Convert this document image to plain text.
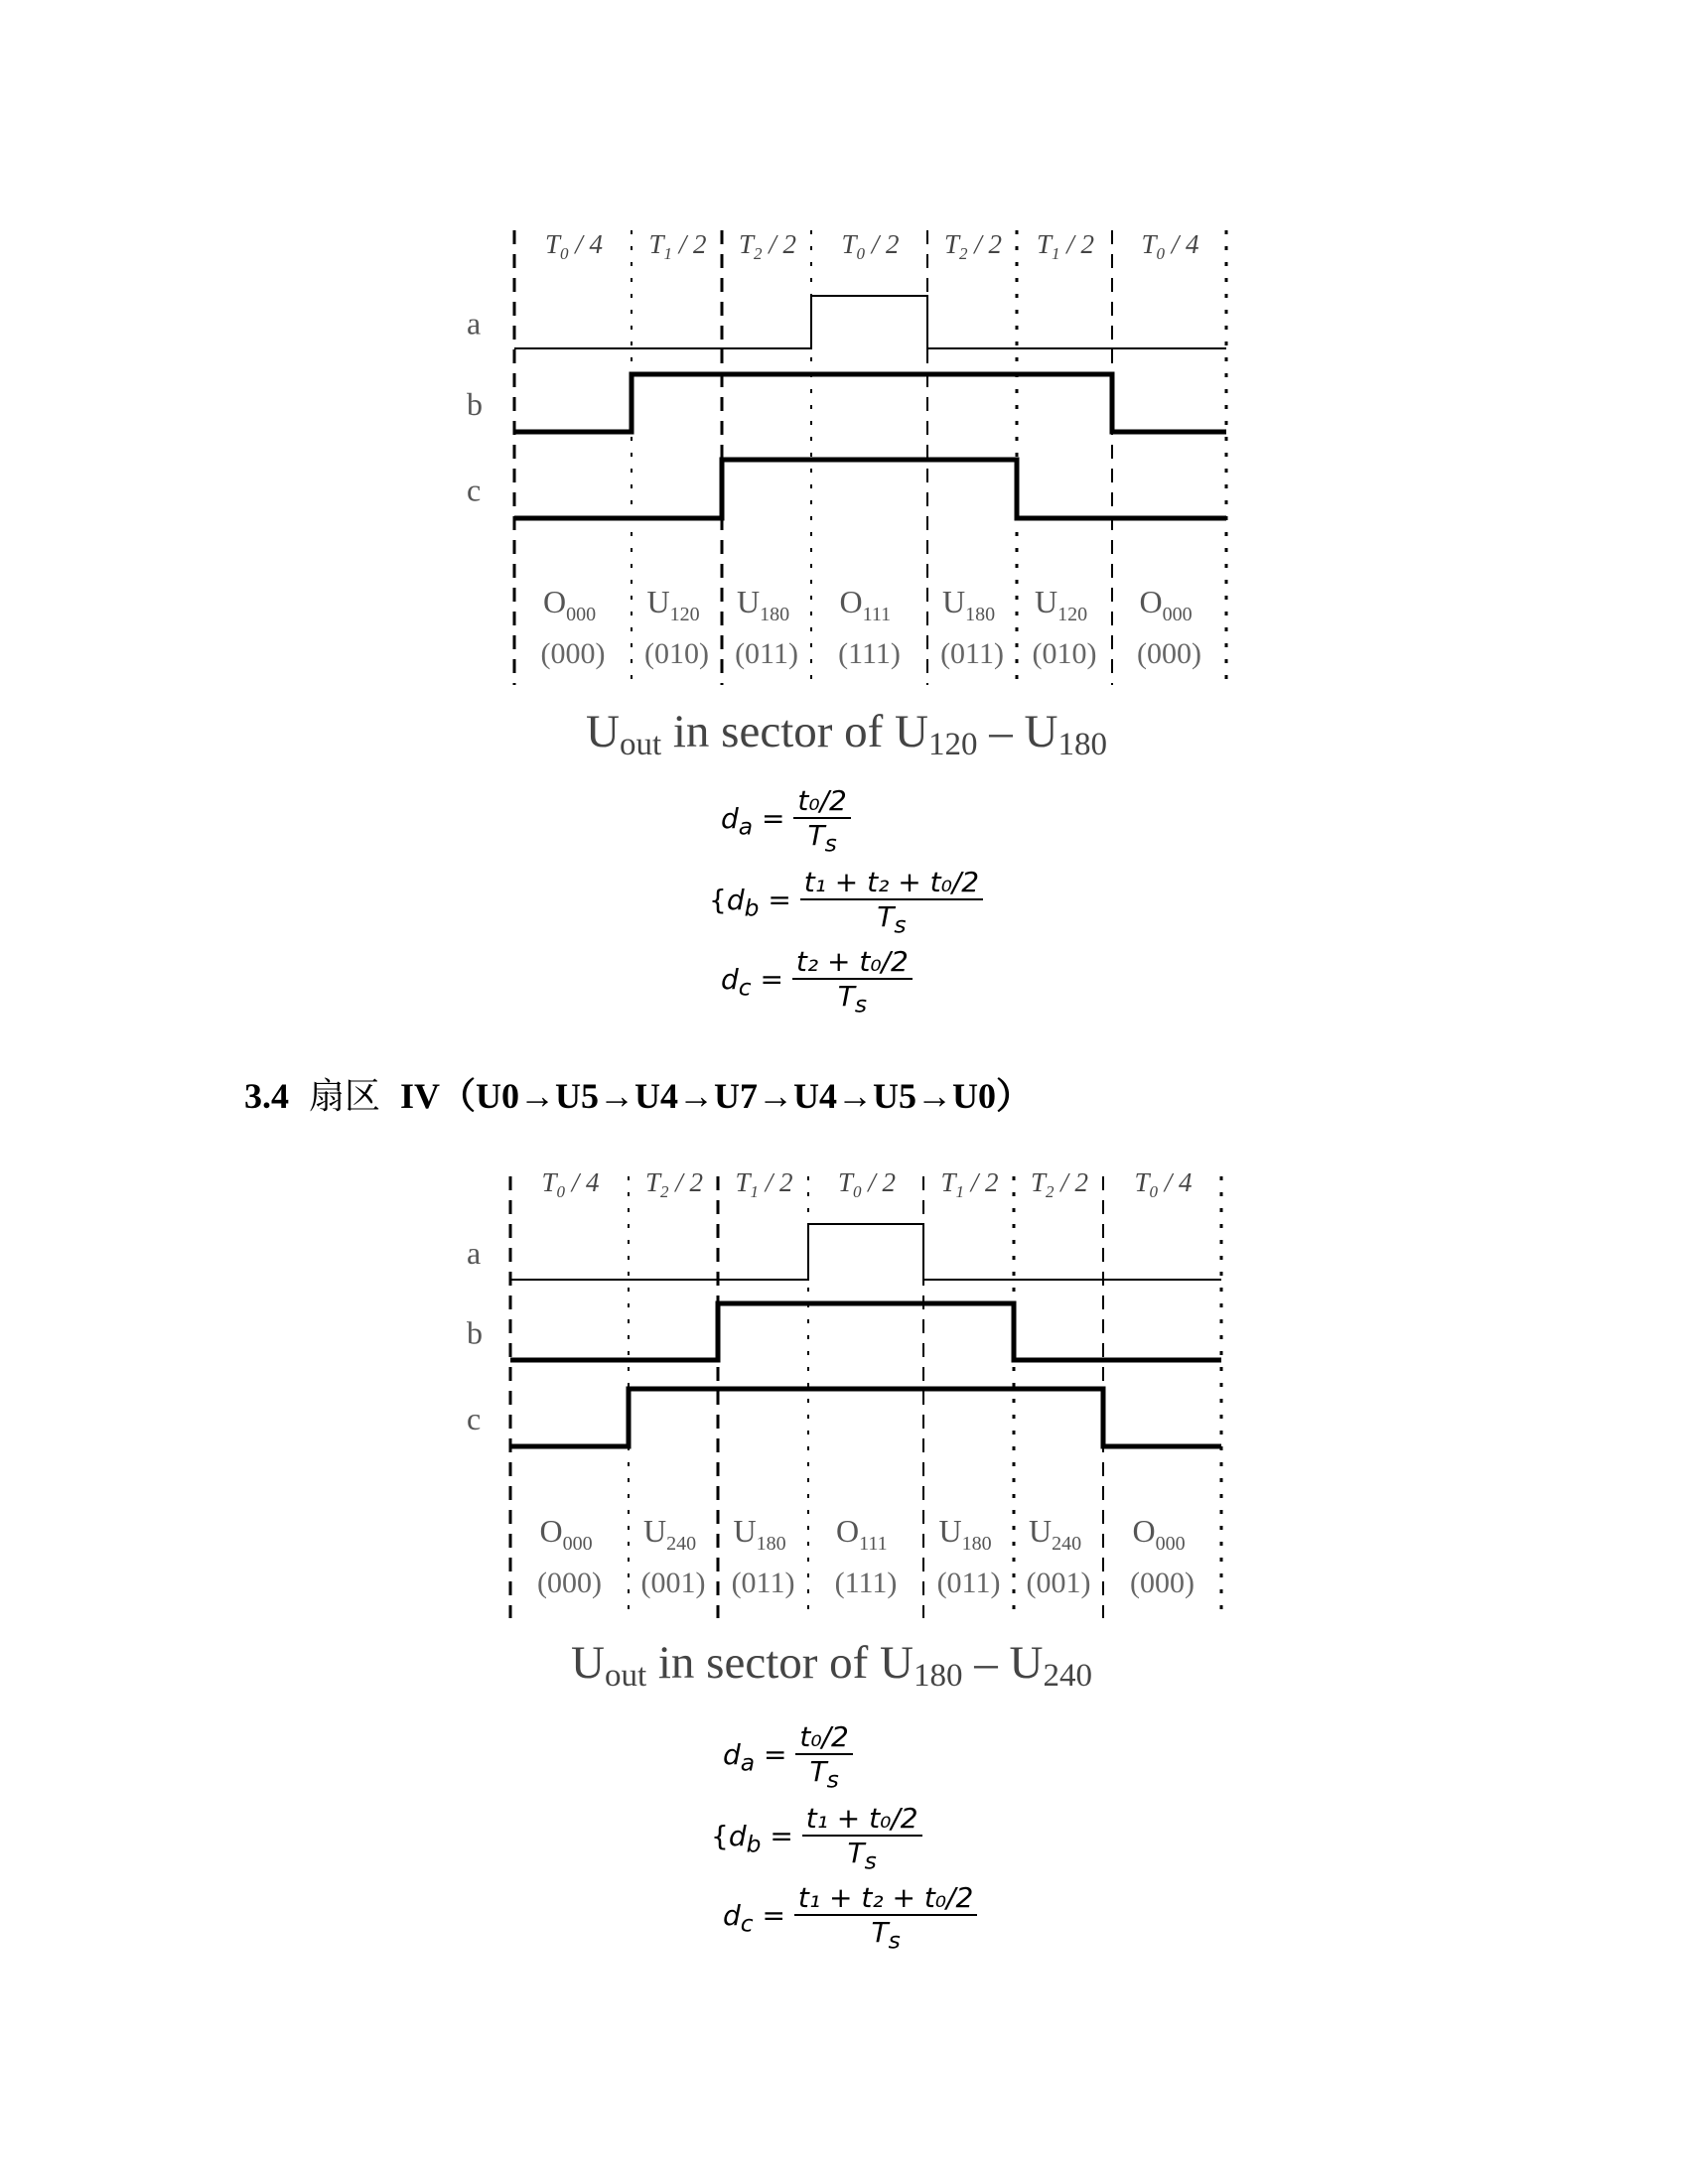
$T_0 / 4$ $T_1 / 2$ $T_2 / 2$ $T_0 / 2$ $T_2 / 2$ $T_1 / 2$ $T_0 / 4$
a
b
c
$O_{000}$ $U_{120}$ $U_{180}$ $O_{111}$ $U_{180}$ $U_{120}$ $O_{000}$
(000) (010) (011) (111) (011) (010) (000)
Uout in sector of U120 – U180
$d_a = \frac{\text{t₀/2}}{T_s}$
{$d_b = \frac{\text{t₁ + t₂ + t₀/2}}{T_s}$
$d_c = \frac{\text{t₂ + t₀/2}}{T_s}$
3.4 扇区 IV（U0→U5→U4→U7→U4→U5→U0）
$T_0 / 4$ $T_2 / 2$ $T_1 / 2$ $T_0 / 2$ $T_1 / 2$ $T_2 / 2$ $T_0 / 4$
a
b
c
$O_{000}$ $U_{240}$ $U_{180}$ $O_{111}$ $U_{180}$ $U_{240}$ $O_{000}$
(000) (001) (011) (111) (011) (001) (000)
Uout in sector of U180 – U240
$d_a = \frac{\text{t₀/2}}{T_s}$
{$d_b = \frac{\text{t₁ + t₀/2}}{T_s}$
$d_c = \frac{\text{t₁ + t₂ + t₀/2}}{T_s}$
